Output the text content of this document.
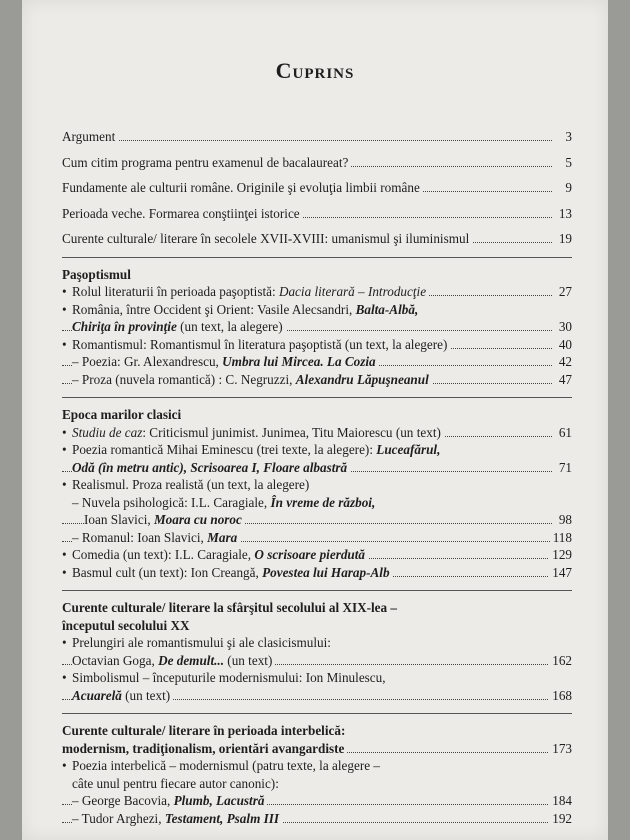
Cuprins
Argument	3
Cum citim programa pentru examenul de bacalaureat?	5
Fundamente ale culturii române. Originile şi evoluţia limbii române	9
Perioada veche. Formarea conştiinţei istorice	13
Curente culturale/ literare în secolele XVII-XVIII: umanismul şi iluminismul	19
Paşoptismul
• Rolul literaturii în perioada paşoptistă: Dacia literară – Introducţie	27
• România, între Occident şi Orient: Vasile Alecsandri, Balta-Albă,
Chiriţa în provinţie (un text, la alegere)	30
• Romantismul: Romantismul în literatura paşoptistă (un text, la alegere)	40
– Poezia: Gr. Alexandrescu, Umbra lui Mircea. La Cozia	42
– Proza (nuvela romantică) : C. Negruzzi, Alexandru Lăpuşneanul	47
Epoca marilor clasici
• Studiu de caz: Criticismul junimist. Junimea, Titu Maiorescu (un text)	61
• Poezia romantică Mihai Eminescu (trei texte, la alegere): Luceafărul,
Odă (în metru antic), Scrisoarea I, Floare albastră	71
• Realismul. Proza realistă (un text, la alegere)
– Nuvela psihologică: I.L. Caragiale, În vreme de război,
Ioan Slavici, Moara cu noroc	98
– Romanul: Ioan Slavici, Mara	118
• Comedia (un text): I.L. Caragiale, O scrisoare pierdută	129
• Basmul cult (un text): Ion Creangă, Povestea lui Harap-Alb	147
Curente culturale/ literare la sfârşitul secolului al XIX-lea –
începutul secolului XX
• Prelungiri ale romantismului şi ale clasicismului:
Octavian Goga, De demult... (un text)	162
• Simbolismul – începuturile modernismului: Ion Minulescu,
Acuarelă (un text)	168
Curente culturale/ literare în perioada interbelică:
modernism, tradiţionalism, orientări avangardiste	173
• Poezia interbelică – modernismul (patru texte, la alegere –
câte unul pentru fiecare autor canonic):
– George Bacovia, Plumb, Lacustră	184
– Tudor Arghezi, Testament, Psalm III	192
